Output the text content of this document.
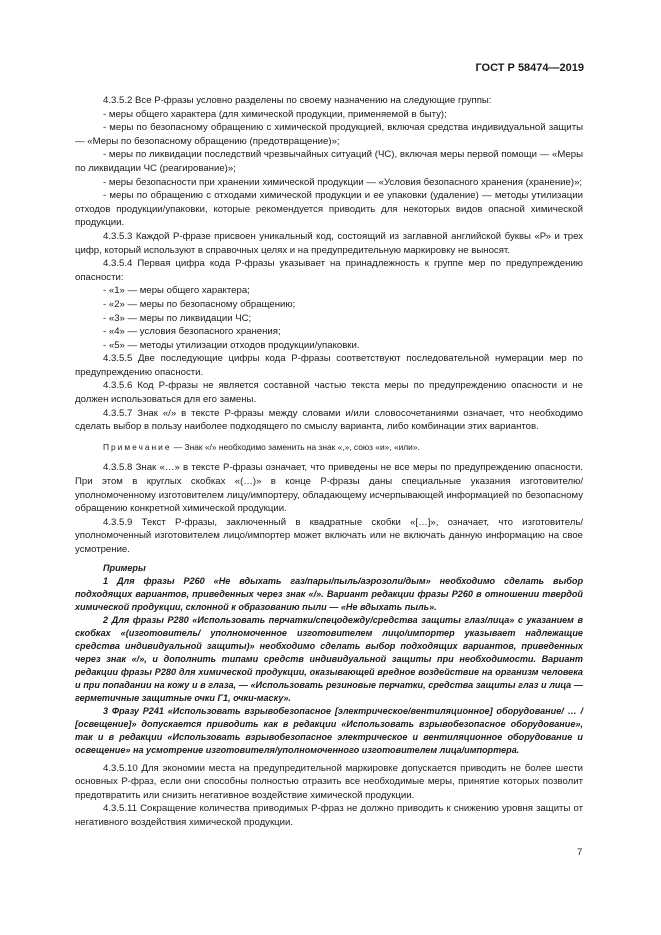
ГОСТ Р 58474—2019

4.3.5.2 Все Р-фразы условно разделены по своему назначению на следующие группы:

- меры общего характера (для химической продукции, применяемой в быту);

- меры по безопасному обращению с химической продукцией, включая средства индивидуальной защиты — «Меры по безопасному обращению (предотвращение)»;

- меры по ликвидации последствий чрезвычайных ситуаций (ЧС), включая меры первой помощи — «Меры по ликвидации ЧС (реагирование)»;

- меры безопасности при хранении химической продукции — «Условия безопасного хранения (хранение)»;

- меры по обращению с отходами химической продукции и ее упаковки (удаление) — методы утилизации отходов продукции/упаковки, которые рекомендуется приводить для некоторых видов опасной химической продукции.

4.3.5.3 Каждой Р-фразе присвоен уникальный код, состоящий из заглавной английской буквы «Р» и трех цифр, который используют в справочных целях и на предупредительную маркировку не выносят.

4.3.5.4 Первая цифра кода Р-фразы указывает на принадлежность к группе мер по предупреждению опасности:

- «1» — меры общего характера;

- «2» — меры по безопасному обращению;

- «3» — меры по ликвидации ЧС;

- «4» — условия безопасного хранения;

- «5» — методы утилизации отходов продукции/упаковки.

4.3.5.5 Две последующие цифры кода Р-фразы соответствуют последовательной нумерации мер по предупреждению опасности.

4.3.5.6 Код Р-фразы не является составной частью текста меры по предупреждению опасности и не должен использоваться для его замены.

4.3.5.7 Знак «/» в тексте Р-фразы между словами и/или словосочетаниями означает, что необходимо сделать выбор в пользу наиболее подходящего по смыслу варианта, либо комбинации этих вариантов.

Примечание — Знак «/» необходимо заменить на знак «,», союз «и», «или».

4.3.5.8 Знак «…» в тексте Р-фразы означает, что приведены не все меры по предупреждению опасности. При этом в круглых скобках «(…)» в конце Р-фразы даны специальные указания изготовителю/уполномоченному изготовителем лицу/импортеру, обладающему исчерпывающей информацией по безопасному обращению конкретной химической продукции.

4.3.5.9 Текст Р-фразы, заключенный в квадратные скобки «[…]», означает, что изготовитель/уполномоченный изготовителем лицо/импортер может включать или не включать данную информацию на свое усмотрение.

Примеры

1 Для фразы Р260 «Не вдыхать газ/пары/пыль/аэрозоли/дым» необходимо сделать выбор подходящих вариантов, приведенных через знак «/». Вариант редакции фразы Р260 в отношении твердой химической продукции, склонной к образованию пыли — «Не вдыхать пыль».

2 Для фразы Р280 «Использовать перчатки/спецодежду/средства защиты глаз/лица» с указанием в скобках «(изготовитель/ уполномоченное изготовителем лицо/импортер указывает надлежащие средства индивидуальной защиты)» необходимо сделать выбор подходящих вариантов, приведенных через знак «/», и дополнить типами средств индивидуальной защиты при необходимости. Вариант редакции фразы Р280 для химической продукции, оказывающей вредное воздействие на организм человека и при попадании на кожу и в глаза, — «Использовать резиновые перчатки, средства защиты глаз и лица — герметичные защитные очки Г1, очки-маску».

3 Фразу Р241 «Использовать взрывобезопасное [электрическое/вентиляционное] оборудование/ … / [освещение]» допускается приводить как в редакции «Использовать взрывобезопасное оборудование», так и в редакции «Использовать взрывобезопасное электрическое и вентиляционное оборудование и освещение» на усмотрение изготовителя/уполномоченного изготовителем лица/импортера.

4.3.5.10 Для экономии места на предупредительной маркировке допускается приводить не более шести основных Р-фраз, если они способны полностью отразить все необходимые меры, принятие которых позволит предотвратить или снизить негативное воздействие химической продукции.

4.3.5.11 Сокращение количества приводимых Р-фраз не должно приводить к снижению уровня защиты от негативного воздействия химической продукции.

7
